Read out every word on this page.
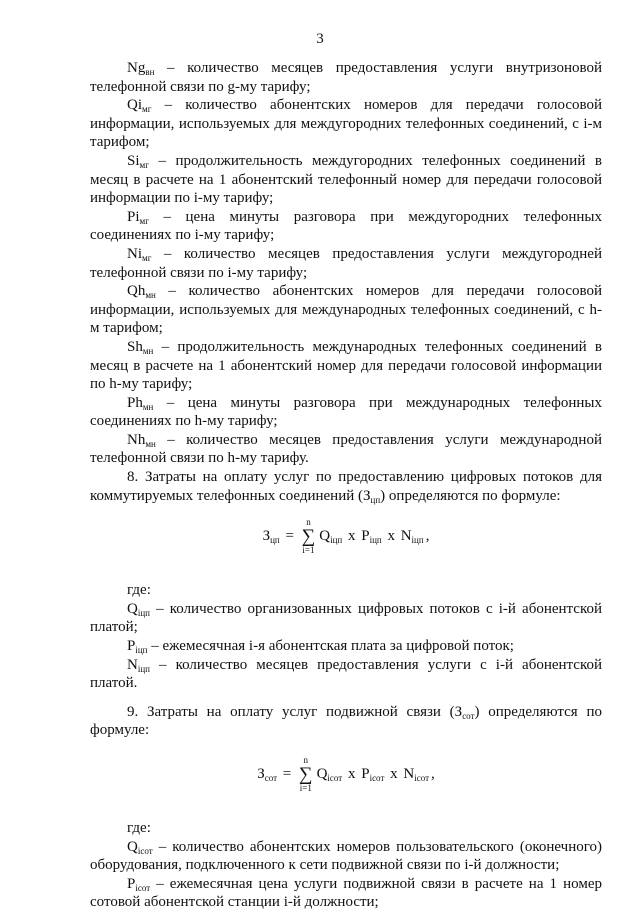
3

$Ng_{вн}$ – количество месяцев предоставления услуги внутризоновой телефонной связи по g-му тарифу;

$Qi_{мг}$ – количество абонентских номеров для передачи голосовой информации, используемых для междугородних телефонных соединений, с i-м тарифом;

$Si_{мг}$ – продолжительность междугородних телефонных соединений в месяц в расчете на 1 абонентский телефонный номер для передачи голосовой информации по i-му тарифу;

$Pi_{мг}$ – цена минуты разговора при междугородних телефонных соединениях по i-му тарифу;

$Ni_{мг}$ – количество месяцев предоставления услуги междугородней телефонной связи по i-му тарифу;

$Qh_{мн}$ – количество абонентских номеров для передачи голосовой информации, используемых для международных телефонных соединений, с h-м тарифом;

$Sh_{мн}$ – продолжительность международных телефонных соединений в месяц в расчете на 1 абонентский номер для передачи голосовой информации по h-му тарифу;

$Ph_{мн}$ – цена минуты разговора при международных телефонных соединениях по h-му тарифу;

$Nh_{мн}$ – количество месяцев предоставления услуги международной телефонной связи по h-му тарифу.

8. Затраты на оплату услуг по предоставлению цифровых потоков для коммутируемых телефонных соединений $(З_{цп})$ определяются по формуле:

$З_{цп}$ =
n
∑
i=1
$Q_{iцп}$ x $P_{iцп}$ x $N_{iцп}$ ,

где:

$Q_{iцп}$ – количество организованных цифровых потоков с i-й абонентской платой;

$P_{iцп}$ – ежемесячная i-я абонентская плата за цифровой поток;

$N_{iцп}$ – количество месяцев предоставления услуги с i-й абонентской платой.

9. Затраты на оплату услуг подвижной связи $(З_{сот})$ определяются по формуле:

$З_{сот}$ =
n
∑
i=1
$Q_{iсот}$ x $P_{iсот}$ x $N_{iсот}$ ,

где:

$Q_{iсот}$ – количество абонентских номеров пользовательского (оконечного) оборудования, подключенного к сети подвижной связи по i-й должности;

$P_{iсот}$ – ежемесячная цена услуги подвижной связи в расчете на 1 номер сотовой абонентской станции i-й должности;
